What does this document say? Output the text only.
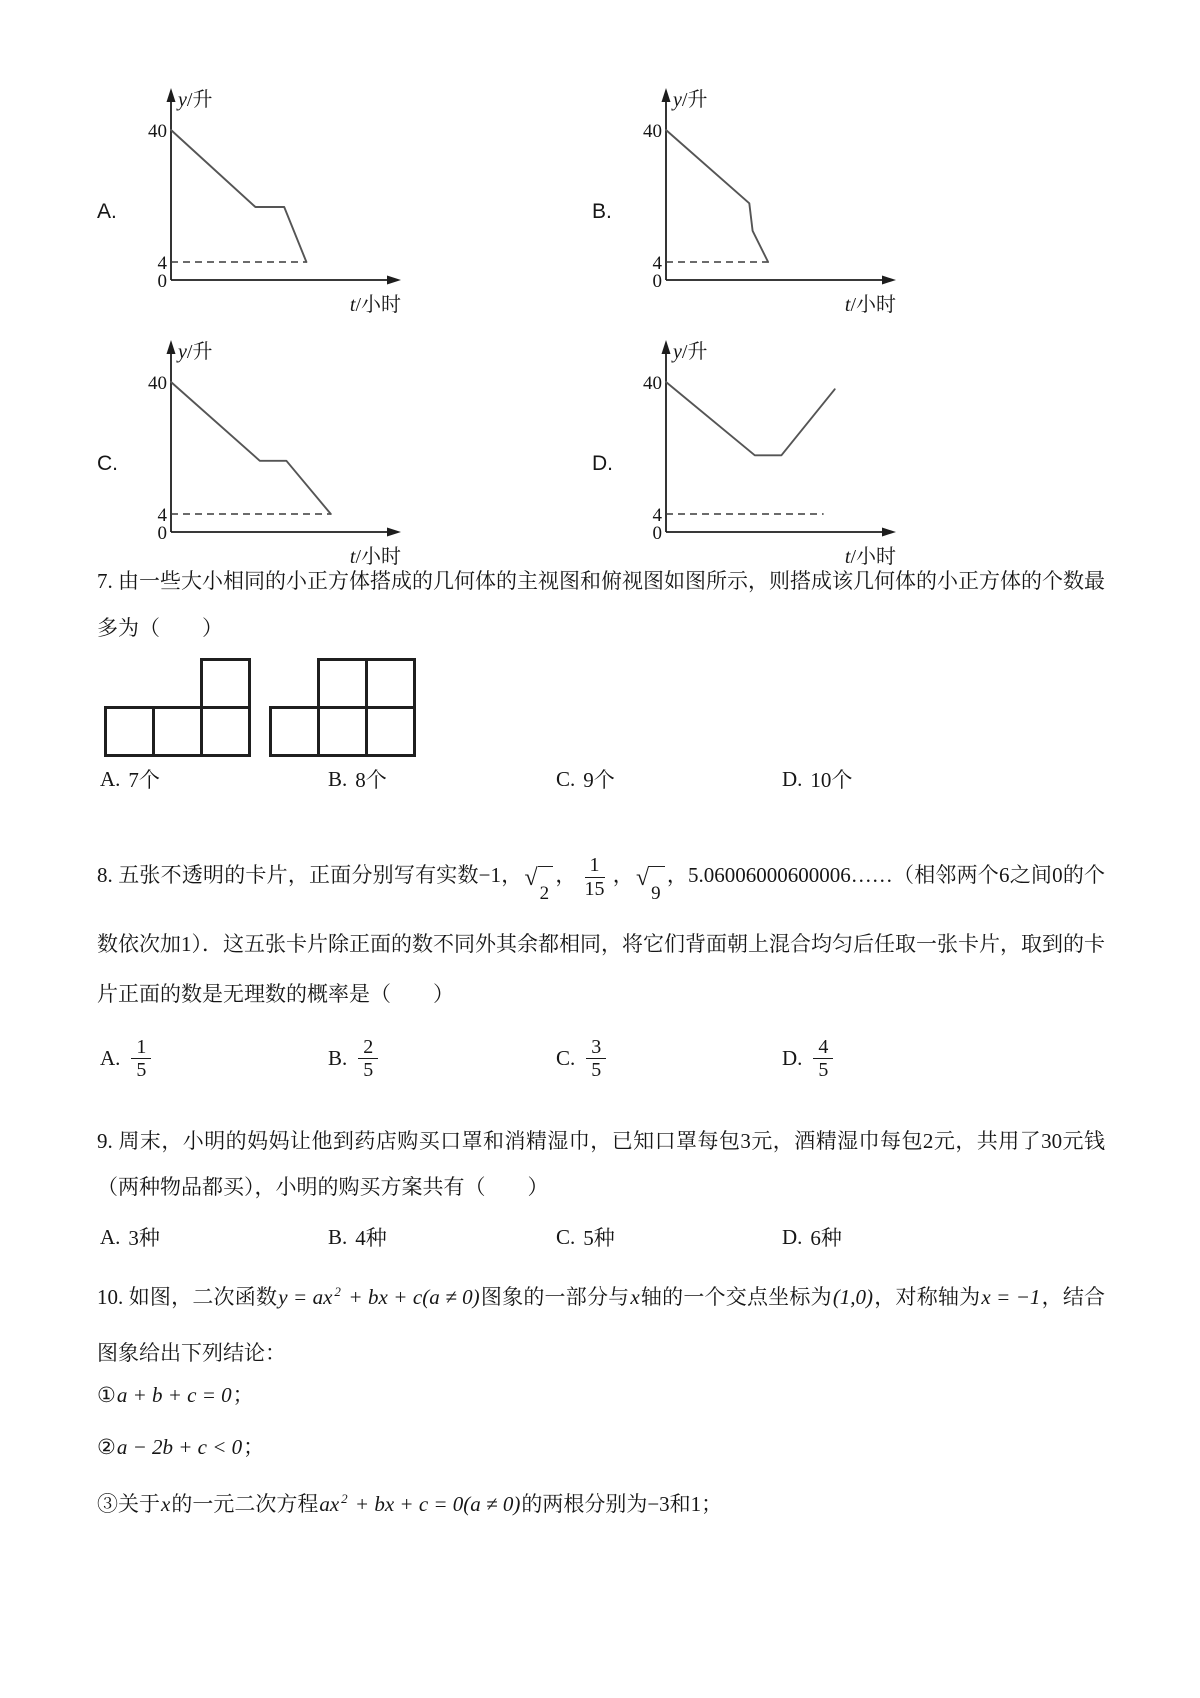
A.
y/升
t/小时
40
4
0
B.
y/升
t/小时
40
4
0
C.
y/升
t/小时
40
4
0
D.
y/升
t/小时
40
4
0
7. 由一些大小相同的小正方体搭成的几何体的主视图和俯视图如图所示，则搭成该几何体的小正方体的个数最多为（　　）
A. 7个	B. 8个	C. 9个	D. 10个
8. 五张不透明的卡片，正面分别写有实数−1， √
2
， $\frac{1}{15}$ ， √
9
，5.06006000600006……（相邻两个6之间0的个数依次加1）．这五张卡片除正面的数不同外其余都相同，将它们背面朝上混合均匀后任取一张卡片，取到的卡片正面的数是无理数的概率是（　　）
A. $\frac{1}{5}$	B. $\frac{2}{5}$	C. $\frac{3}{5}$	D. $\frac{4}{5}$
9. 周末，小明的妈妈让他到药店购买口罩和消精湿巾，已知口罩每包3元，酒精湿巾每包2元，共用了30元钱（两种物品都买），小明的购买方案共有（　　）
A. 3种	B. 4种	C. 5种	D. 6种
10. 如图，二次函数y = ax $^2$ + bx + c(a ≠ 0)图象的一部分与x轴的一个交点坐标为(1,0)，对称轴为x = −1，结合图象给出下列结论：
①a + b + c = 0；
②a − 2b + c < 0；
③关于x的一元二次方程ax $^2$ + bx + c = 0(a ≠ 0)的两根分别为−3和1；
